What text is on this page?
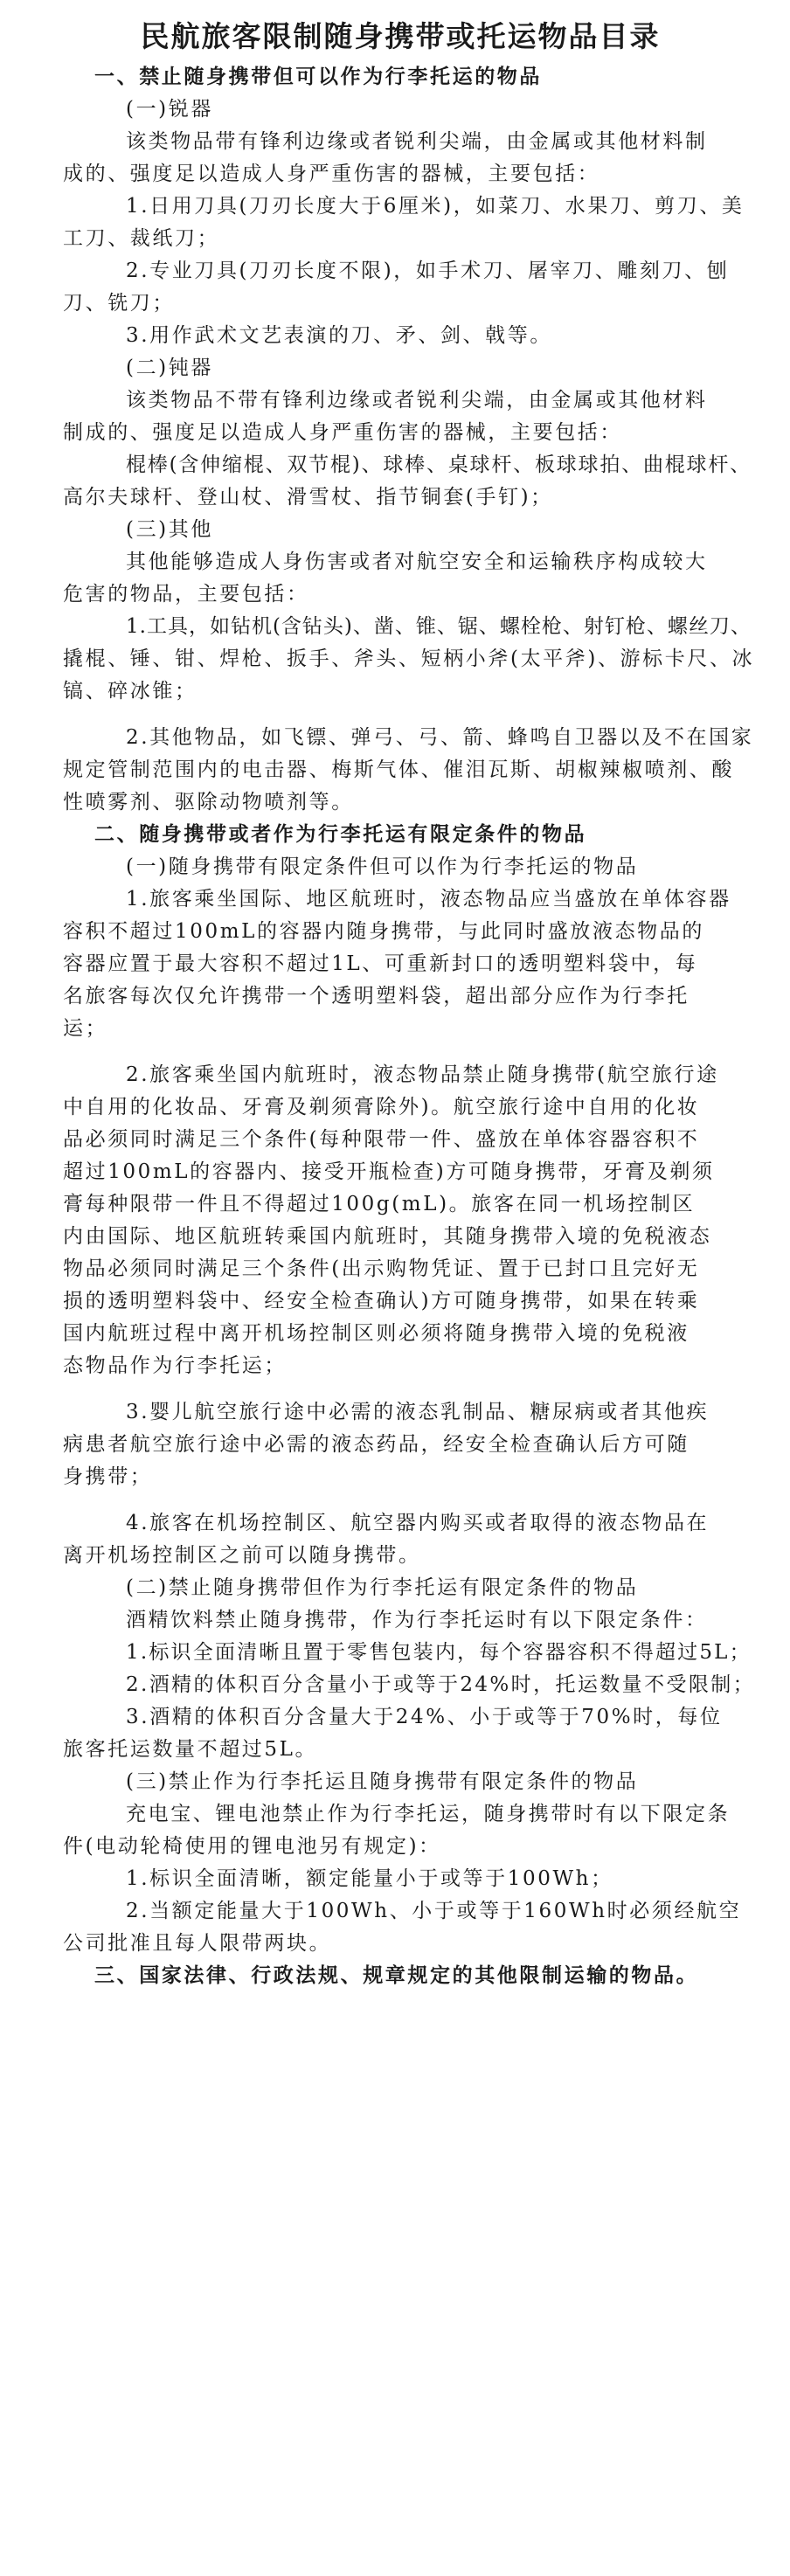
民航旅客限制随身携带或托运物品目录

一、禁止随身携带但可以作为行李托运的物品

(一)锐器

该类物品带有锋利边缘或者锐利尖端，由金属或其他材料制

成的、强度足以造成人身严重伤害的器械，主要包括：

1.日用刀具(刀刃长度大于6厘米)，如菜刀、水果刀、剪刀、美

工刀、裁纸刀；

2.专业刀具(刀刃长度不限)，如手术刀、屠宰刀、雕刻刀、刨

刀、铣刀；

3.用作武术文艺表演的刀、矛、剑、戟等。

(二)钝器

该类物品不带有锋利边缘或者锐利尖端，由金属或其他材料

制成的、强度足以造成人身严重伤害的器械，主要包括：

棍棒(含伸缩棍、双节棍)、球棒、桌球杆、板球球拍、曲棍球杆、

高尔夫球杆、登山杖、滑雪杖、指节铜套(手钉)；

(三)其他

其他能够造成人身伤害或者对航空安全和运输秩序构成较大

危害的物品，主要包括：

1.工具，如钻机(含钻头)、凿、锥、锯、螺栓枪、射钉枪、螺丝刀、

撬棍、锤、钳、焊枪、扳手、斧头、短柄小斧(太平斧)、游标卡尺、冰

镐、碎冰锥；

2.其他物品，如飞镖、弹弓、弓、箭、蜂鸣自卫器以及不在国家

规定管制范围内的电击器、梅斯气体、催泪瓦斯、胡椒辣椒喷剂、酸

性喷雾剂、驱除动物喷剂等。

二、随身携带或者作为行李托运有限定条件的物品

(一)随身携带有限定条件但可以作为行李托运的物品

1.旅客乘坐国际、地区航班时，液态物品应当盛放在单体容器

容积不超过100mL的容器内随身携带，与此同时盛放液态物品的

容器应置于最大容积不超过1L、可重新封口的透明塑料袋中，每

名旅客每次仅允许携带一个透明塑料袋，超出部分应作为行李托

运；

2.旅客乘坐国内航班时，液态物品禁止随身携带(航空旅行途

中自用的化妆品、牙膏及剃须膏除外)。航空旅行途中自用的化妆

品必须同时满足三个条件(每种限带一件、盛放在单体容器容积不

超过100mL的容器内、接受开瓶检查)方可随身携带，牙膏及剃须

膏每种限带一件且不得超过100g(mL)。旅客在同一机场控制区

内由国际、地区航班转乘国内航班时，其随身携带入境的免税液态

物品必须同时满足三个条件(出示购物凭证、置于已封口且完好无

损的透明塑料袋中、经安全检查确认)方可随身携带，如果在转乘

国内航班过程中离开机场控制区则必须将随身携带入境的免税液

态物品作为行李托运；

3.婴儿航空旅行途中必需的液态乳制品、糖尿病或者其他疾

病患者航空旅行途中必需的液态药品，经安全检查确认后方可随

身携带；

4.旅客在机场控制区、航空器内购买或者取得的液态物品在

离开机场控制区之前可以随身携带。

(二)禁止随身携带但作为行李托运有限定条件的物品

酒精饮料禁止随身携带，作为行李托运时有以下限定条件：

1.标识全面清晰且置于零售包装内，每个容器容积不得超过5L；

2.酒精的体积百分含量小于或等于24%时，托运数量不受限制；

3.酒精的体积百分含量大于24%、小于或等于70%时，每位

旅客托运数量不超过5L。

(三)禁止作为行李托运且随身携带有限定条件的物品

充电宝、锂电池禁止作为行李托运，随身携带时有以下限定条

件(电动轮椅使用的锂电池另有规定)：

1.标识全面清晰，额定能量小于或等于100Wh；

2.当额定能量大于100Wh、小于或等于160Wh时必须经航空

公司批准且每人限带两块。

三、国家法律、行政法规、规章规定的其他限制运输的物品。
